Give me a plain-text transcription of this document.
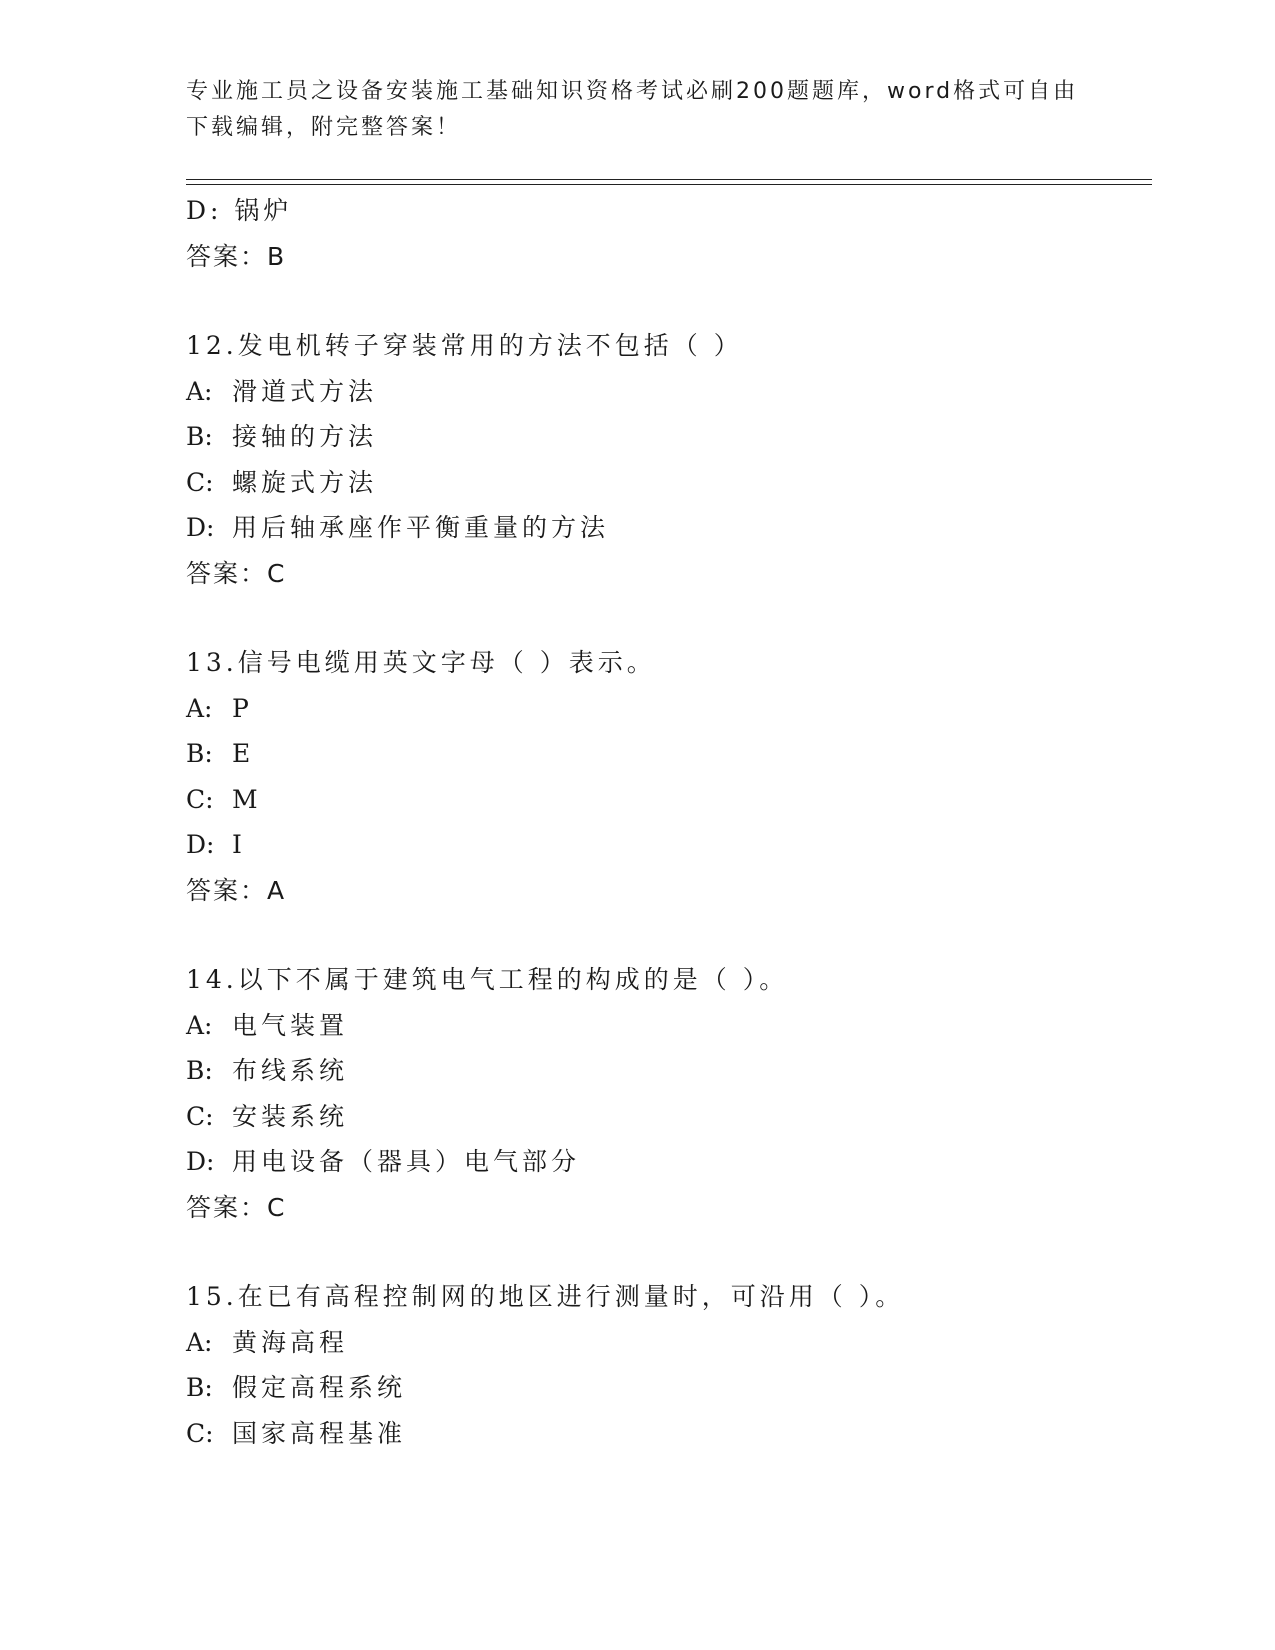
专业施工员之设备安装施工基础知识资格考试必刷200题题库，word格式可自由
下载编辑，附完整答案！
D: 锅炉
答案：B
12.发电机转子穿装常用的方法不包括（ ）
A: 滑道式方法
B: 接轴的方法
C: 螺旋式方法
D: 用后轴承座作平衡重量的方法
答案：C
13.信号电缆用英文字母（ ）表示。
A: P
B: E
C: M
D: I
答案：A
14.以下不属于建筑电气工程的构成的是（ ）。
A: 电气装置
B: 布线系统
C: 安装系统
D: 用电设备（器具）电气部分
答案：C
15.在已有高程控制网的地区进行测量时，可沿用（ ）。
A: 黄海高程
B: 假定高程系统
C: 国家高程基准
